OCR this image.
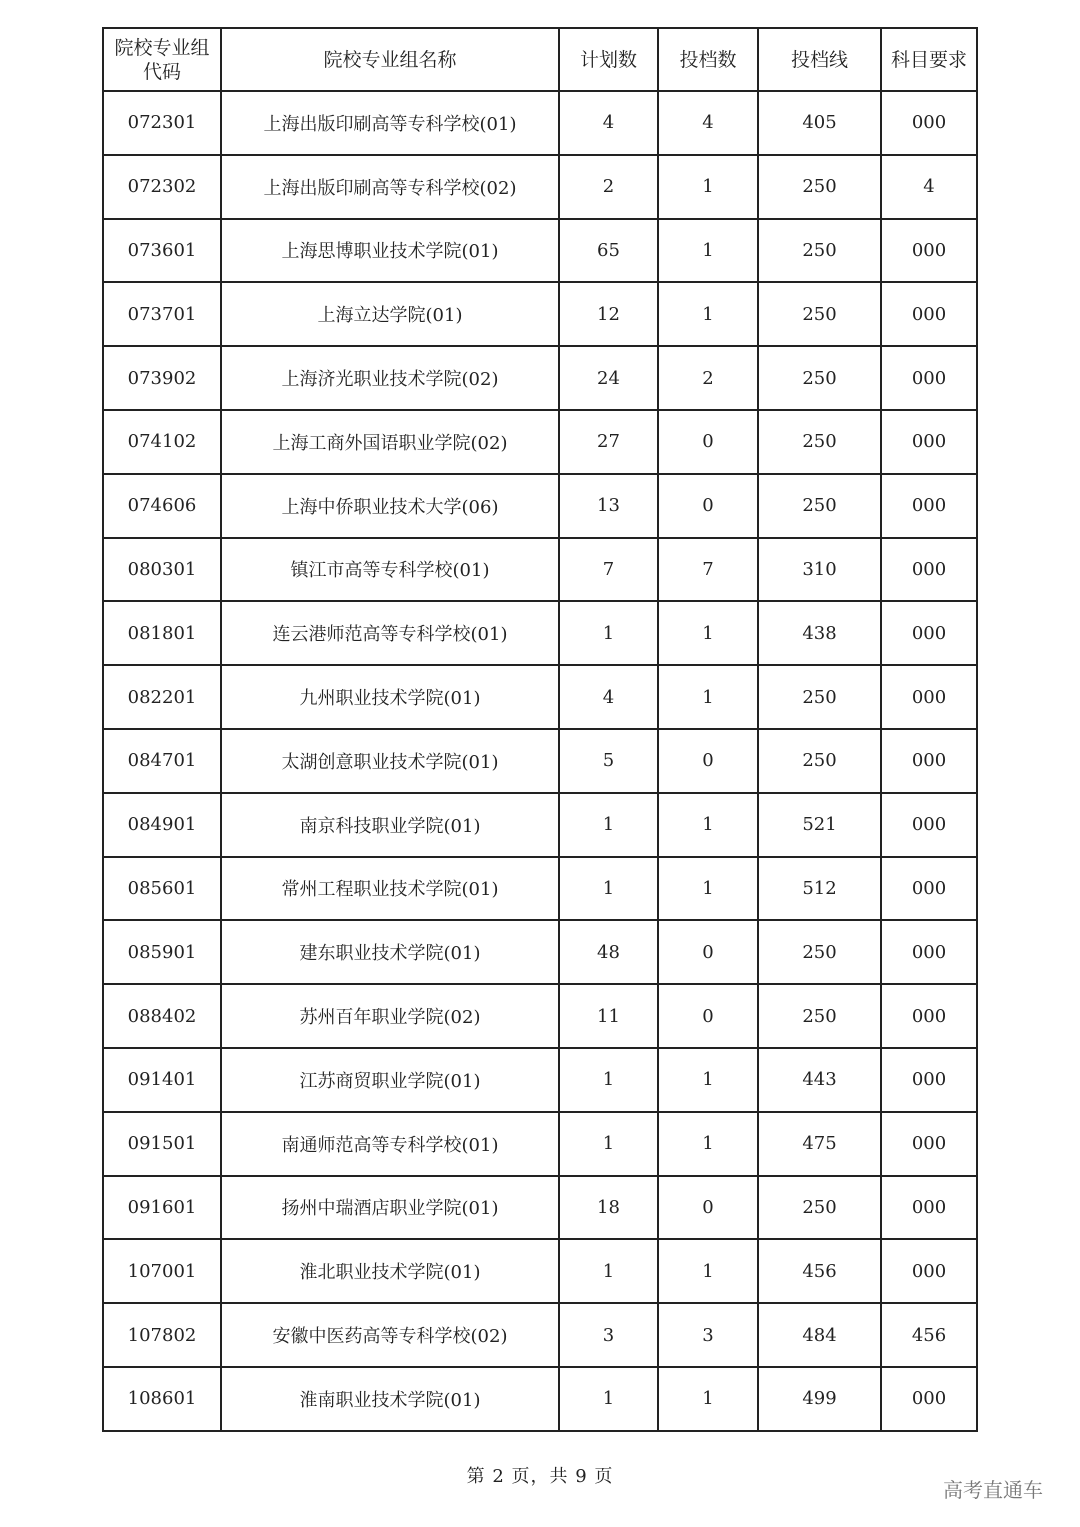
院校专业组代码	院校专业组名称	计划数	投档数	投档线	科目要求
072301	上海出版印刷高等专科学校(01)	4	4	405	000
072302	上海出版印刷高等专科学校(02)	2	1	250	4
073601	上海思博职业技术学院(01)	65	1	250	000
073701	上海立达学院(01)	12	1	250	000
073902	上海济光职业技术学院(02)	24	2	250	000
074102	上海工商外国语职业学院(02)	27	0	250	000
074606	上海中侨职业技术大学(06)	13	0	250	000
080301	镇江市高等专科学校(01)	7	7	310	000
081801	连云港师范高等专科学校(01)	1	1	438	000
082201	九州职业技术学院(01)	4	1	250	000
084701	太湖创意职业技术学院(01)	5	0	250	000
084901	南京科技职业学院(01)	1	1	521	000
085601	常州工程职业技术学院(01)	1	1	512	000
085901	建东职业技术学院(01)	48	0	250	000
088402	苏州百年职业学院(02)	11	0	250	000
091401	江苏商贸职业学院(01)	1	1	443	000
091501	南通师范高等专科学校(01)	1	1	475	000
091601	扬州中瑞酒店职业学院(01)	18	0	250	000
107001	淮北职业技术学院(01)	1	1	456	000
107802	安徽中医药高等专科学校(02)	3	3	484	456
108601	淮南职业技术学院(01)	1	1	499	000
第 2 页，共 9 页
高考直通车
